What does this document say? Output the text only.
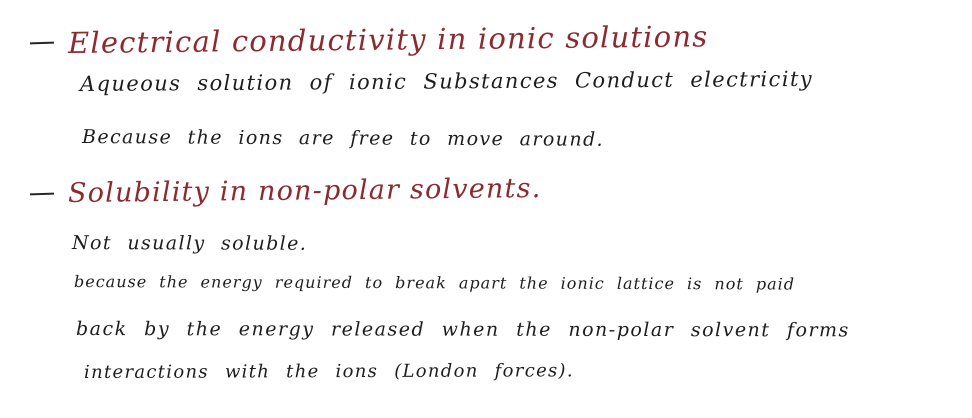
Electrical conductivity in ionic solutions
Aqueous solution of ionic Substances Conduct electricity
Because the ions are free to move around.
Solubility in non-polar solvents.
Not usually soluble.
because the energy required to break apart the ionic lattice is not paid
back by the energy released when the non-polar solvent forms
interactions with the ions (London forces).
